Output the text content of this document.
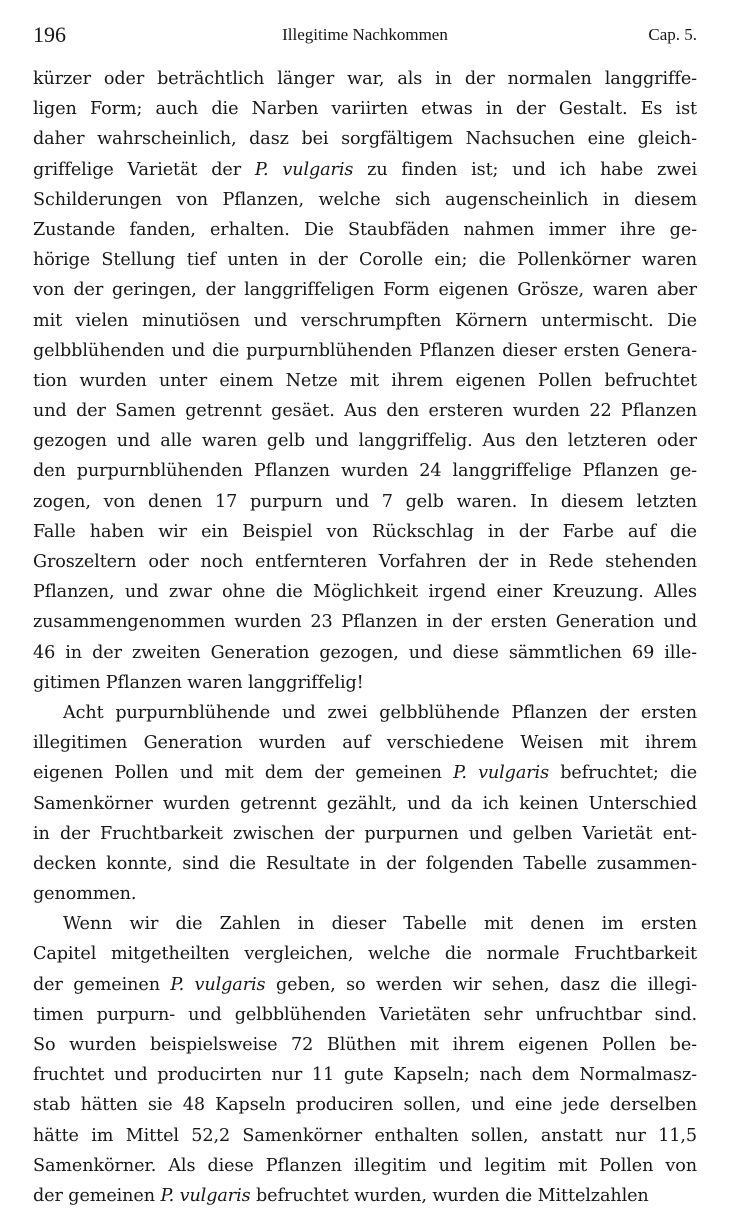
196	Illegitime Nachkommen	Cap. 5.
kürzer oder beträchtlich länger war, als in der normalen langgriffe-
ligen Form; auch die Narben variirten etwas in der Gestalt. Es ist
daher wahrscheinlich, dasz bei sorgfältigem Nachsuchen eine gleich-
griffelige Varietät der P. vulgaris zu finden ist; und ich habe zwei
Schilderungen von Pflanzen, welche sich augenscheinlich in diesem
Zustande fanden, erhalten. Die Staubfäden nahmen immer ihre ge-
hörige Stellung tief unten in der Corolle ein; die Pollenkörner waren
von der geringen, der langgriffeligen Form eigenen Grösze, waren aber
mit vielen minutiösen und verschrumpften Körnern untermischt. Die
gelbblühenden und die purpurnblühenden Pflanzen dieser ersten Genera-
tion wurden unter einem Netze mit ihrem eigenen Pollen befruchtet
und der Samen getrennt gesäet. Aus den ersteren wurden 22 Pflanzen
gezogen und alle waren gelb und langgriffelig. Aus den letzteren oder
den purpurnblühenden Pflanzen wurden 24 langgriffelige Pflanzen ge-
zogen, von denen 17 purpurn und 7 gelb waren. In diesem letzten
Falle haben wir ein Beispiel von Rückschlag in der Farbe auf die
Groszeltern oder noch entfernteren Vorfahren der in Rede stehenden
Pflanzen, und zwar ohne die Möglichkeit irgend einer Kreuzung. Alles
zusammengenommen wurden 23 Pflanzen in der ersten Generation und
46 in der zweiten Generation gezogen, und diese sämmtlichen 69 ille-
gitimen Pflanzen waren langgriffelig!
Acht purpurnblühende und zwei gelbblühende Pflanzen der ersten
illegitimen Generation wurden auf verschiedene Weisen mit ihrem
eigenen Pollen und mit dem der gemeinen P. vulgaris befruchtet; die
Samenkörner wurden getrennt gezählt, und da ich keinen Unterschied
in der Fruchtbarkeit zwischen der purpurnen und gelben Varietät ent-
decken konnte, sind die Resultate in der folgenden Tabelle zusammen-
genommen.
Wenn wir die Zahlen in dieser Tabelle mit denen im ersten
Capitel mitgetheilten vergleichen, welche die normale Fruchtbarkeit
der gemeinen P. vulgaris geben, so werden wir sehen, dasz die illegi-
timen purpurn- und gelbblühenden Varietäten sehr unfruchtbar sind.
So wurden beispielsweise 72 Blüthen mit ihrem eigenen Pollen be-
fruchtet und producirten nur 11 gute Kapseln; nach dem Normalmasz-
stab hätten sie 48 Kapseln produciren sollen, und eine jede derselben
hätte im Mittel 52,2 Samenkörner enthalten sollen, anstatt nur 11,5
Samenkörner. Als diese Pflanzen illegitim und legitim mit Pollen von
der gemeinen P. vulgaris befruchtet wurden, wurden die Mittelzahlen
